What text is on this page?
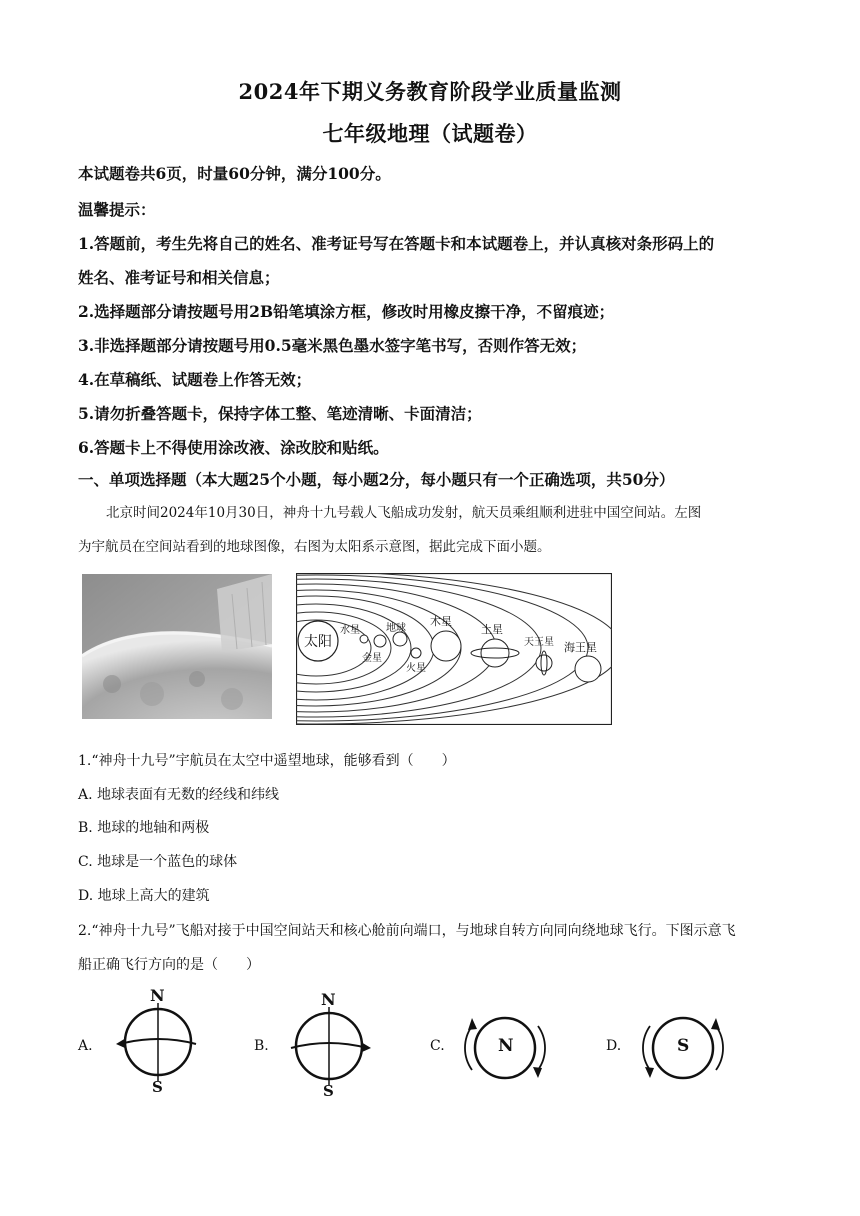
2024年下期义务教育阶段学业质量监测
七年级地理（试题卷）
本试题卷共6页，时量60分钟，满分100分。
温馨提示：
1.答题前，考生先将自己的姓名、准考证号写在答题卡和本试题卷上，并认真核对条形码上的
姓名、准考证号和相关信息；
2.选择题部分请按题号用2B铅笔填涂方框，修改时用橡皮擦干净，不留痕迹；
3.非选择题部分请按题号用0.5毫米黑色墨水签字笔书写，否则作答无效；
4.在草稿纸、试题卷上作答无效；
5.请勿折叠答题卡，保持字体工整、笔迹清晰、卡面清洁；
6.答题卡上不得使用涂改液、涂改胶和贴纸。
一、单项选择题（本大题25个小题，每小题2分，每小题只有一个正确选项，共50分）
北京时间2024年10月30日，神舟十九号载人飞船成功发射，航天员乘组顺利进驻中国空间站。左图
为宇航员在空间站看到的地球图像，右图为太阳系示意图，据此完成下面小题。
太阳
水星
金星
地球
火星
木星
土星
天王星 海王星
1.“神舟十九号”宇航员在太空中遥望地球，能够看到（　　）
A. 地球表面有无数的经线和纬线
B. 地球的地轴和两极
C. 地球是一个蓝色的球体
D. 地球上高大的建筑
2.“神舟十九号”飞船对接于中国空间站天和核心舱前向端口，与地球自转方向同向绕地球飞行。下图示意飞
船正确飞行方向的是（　　）
A.
N
S
B.
N
S
C.	N	D.	S
